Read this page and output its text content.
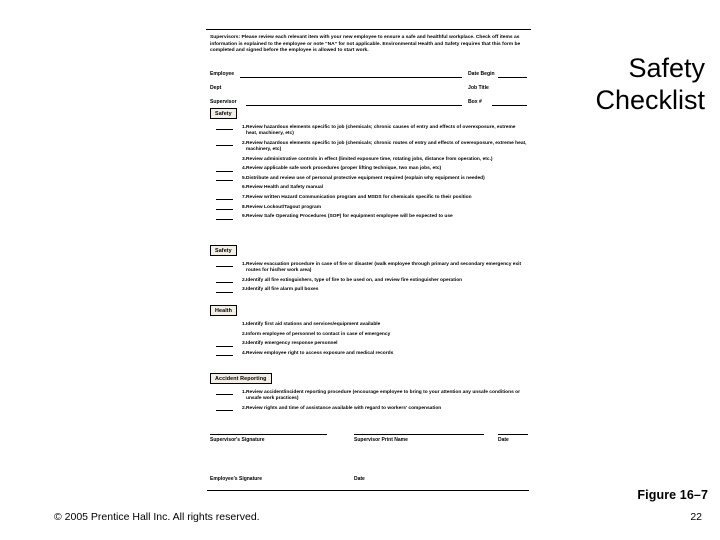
Safety
Checklist
Supervisors: Please review each relevant item with your new employee to ensure a safe and healthful workplace. Check off items as information is explained to the employee or note “NA” for not applicable. Environmental Health and Safety requires that this form be completed and signed before the employee is allowed to start work.
Employee	Date Begin
Dept	Job Title
Supervisor	Box #
Safety
1. Review hazardous elements specific to job (chemicals; chronic causes of entry and effects of overexposure, extreme heat, machinery, etc)
2. Review hazardous elements specific to job (chemicals; chronic routes of entry and effects of overexposure, extreme heat, machinery, etc)
3. Review administrative controls in effect (limited exposure time, rotating jobs, distance from operation, etc.)
4. Review applicable safe work procedures (proper lifting technique, two man jobs, etc)
5. Distribute and review use of personal protective equipment required (explain why equipment is needed)
6. Review Health and Safety manual
7. Review written Hazard Communication program and MSDS for chemicals specific to their position
8. Review Lockout/Tagout program
9. Review Safe Operating Procedures (SOP) for equipment employee will be expected to use
Safety
1. Review evacuation procedure in case of fire or disaster (walk employee through primary and secondary emergency exit routes for his/her work area)
2. Identify all fire extinguishers, type of fire to be used on, and review fire extinguisher operation
3. Identify all fire alarm pull boxes
Health
1. Identify first aid stations and services/equipment available
2. Inform employee of personnel to contact in case of emergency
3. Identify emergency response personnel
4. Review employee right to access exposure and medical records
Accident Reporting
1. Review accident/incident reporting procedure (encourage employee to bring to your attention any unsafe conditions or unsafe work practices)
2. Review rights and time of assistance available with regard to workers' compensation
Supervisor's Signature	Supervisor Print Name	Date
Employee's Signature	Date
Figure 16–7
© 2005 Prentice Hall Inc. All rights reserved.	22
